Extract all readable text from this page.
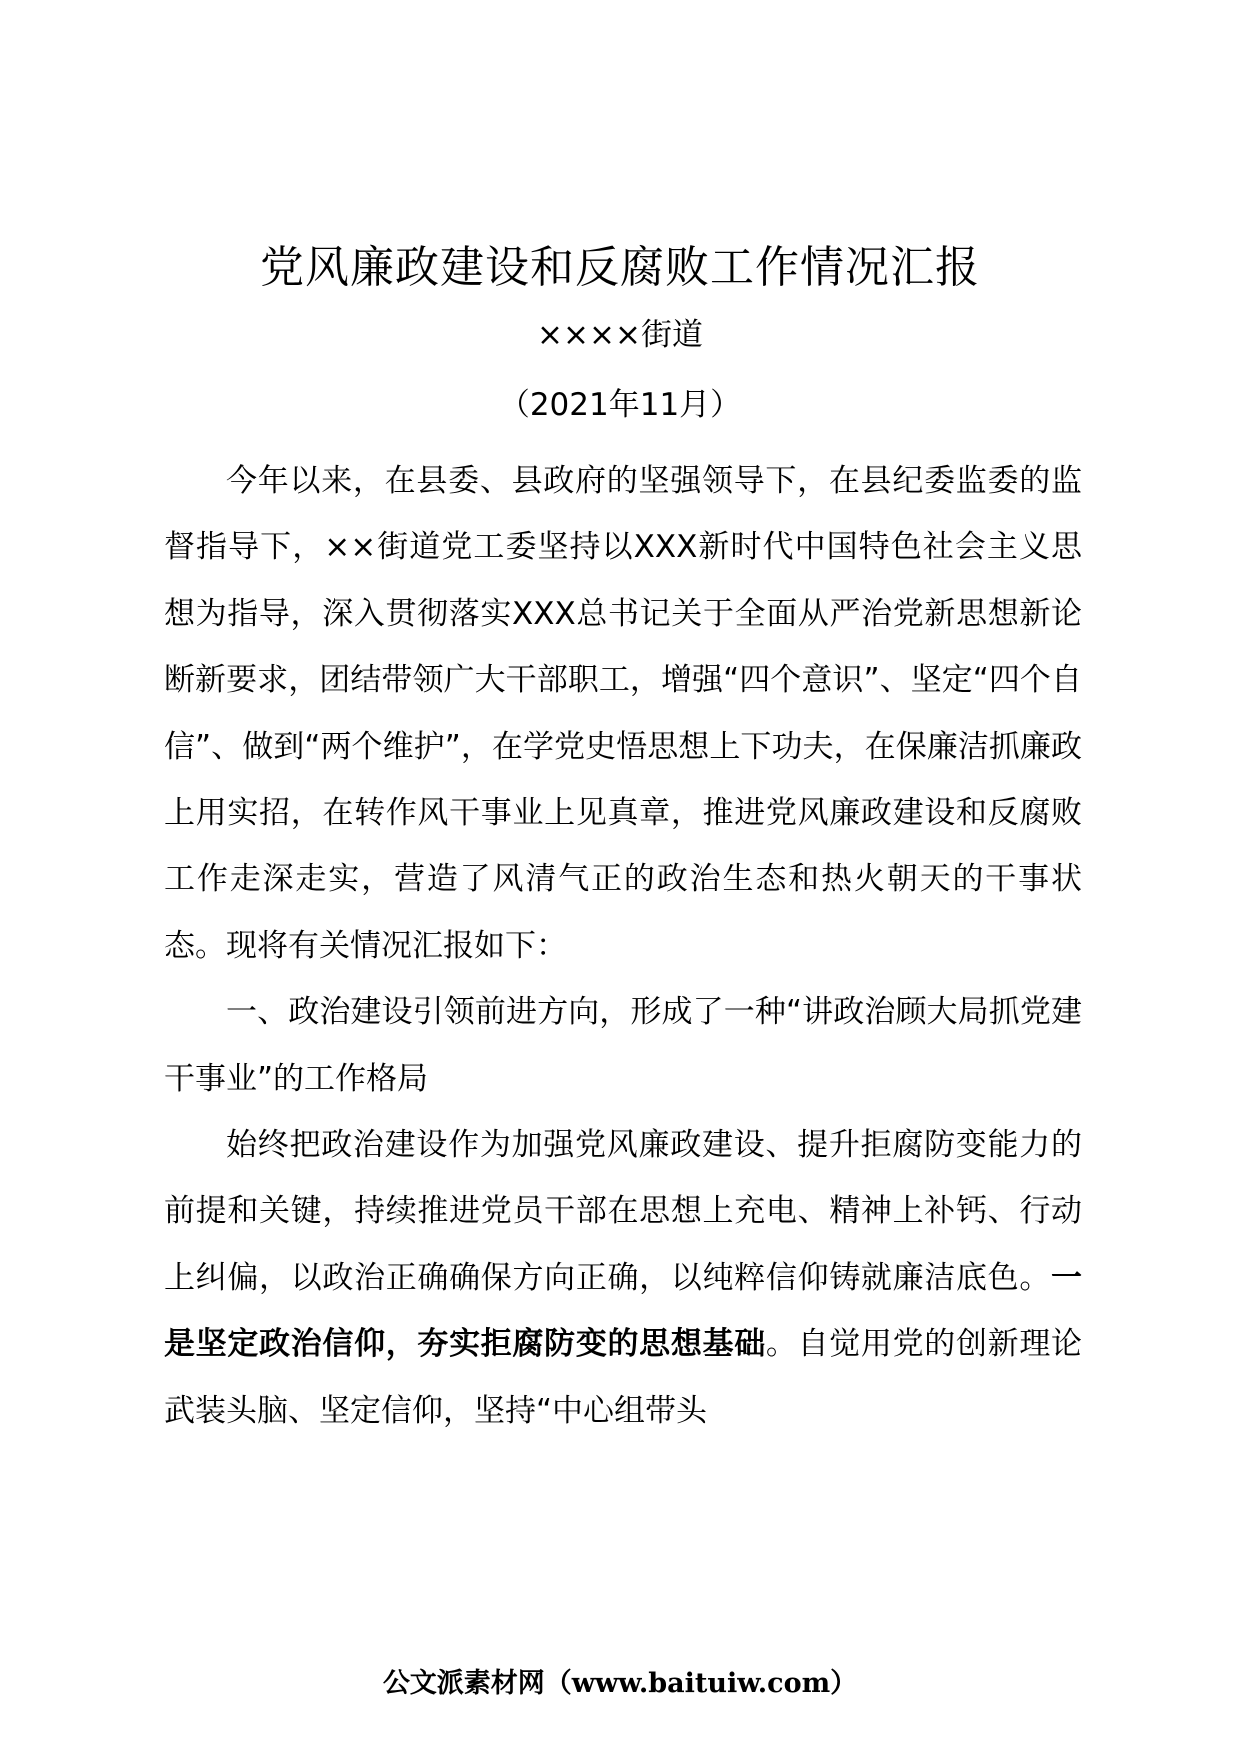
党风廉政建设和反腐败工作情况汇报
××××街道
（2021年11月）

今年以来，在县委、县政府的坚强领导下，在县纪委监委的监督指导下，××街道党工委坚持以XXX新时代中国特色社会主义思想为指导，深入贯彻落实XXX总书记关于全面从严治党新思想新论断新要求，团结带领广大干部职工，增强“四个意识”、坚定“四个自信”、做到“两个维护”，在学党史悟思想上下功夫，在保廉洁抓廉政上用实招，在转作风干事业上见真章，推进党风廉政建设和反腐败工作走深走实，营造了风清气正的政治生态和热火朝天的干事状态。现将有关情况汇报如下：

一、政治建设引领前进方向，形成了一种“讲政治顾大局抓党建干事业”的工作格局

始终把政治建设作为加强党风廉政建设、提升拒腐防变能力的前提和关键，持续推进党员干部在思想上充电、精神上补钙、行动上纠偏，以政治正确确保方向正确，以纯粹信仰铸就廉洁底色。一是坚定政治信仰，夯实拒腐防变的思想基础。自觉用党的创新理论武装头脑、坚定信仰，坚持“中心组带头

公文派素材网（www.baituiw.com）
